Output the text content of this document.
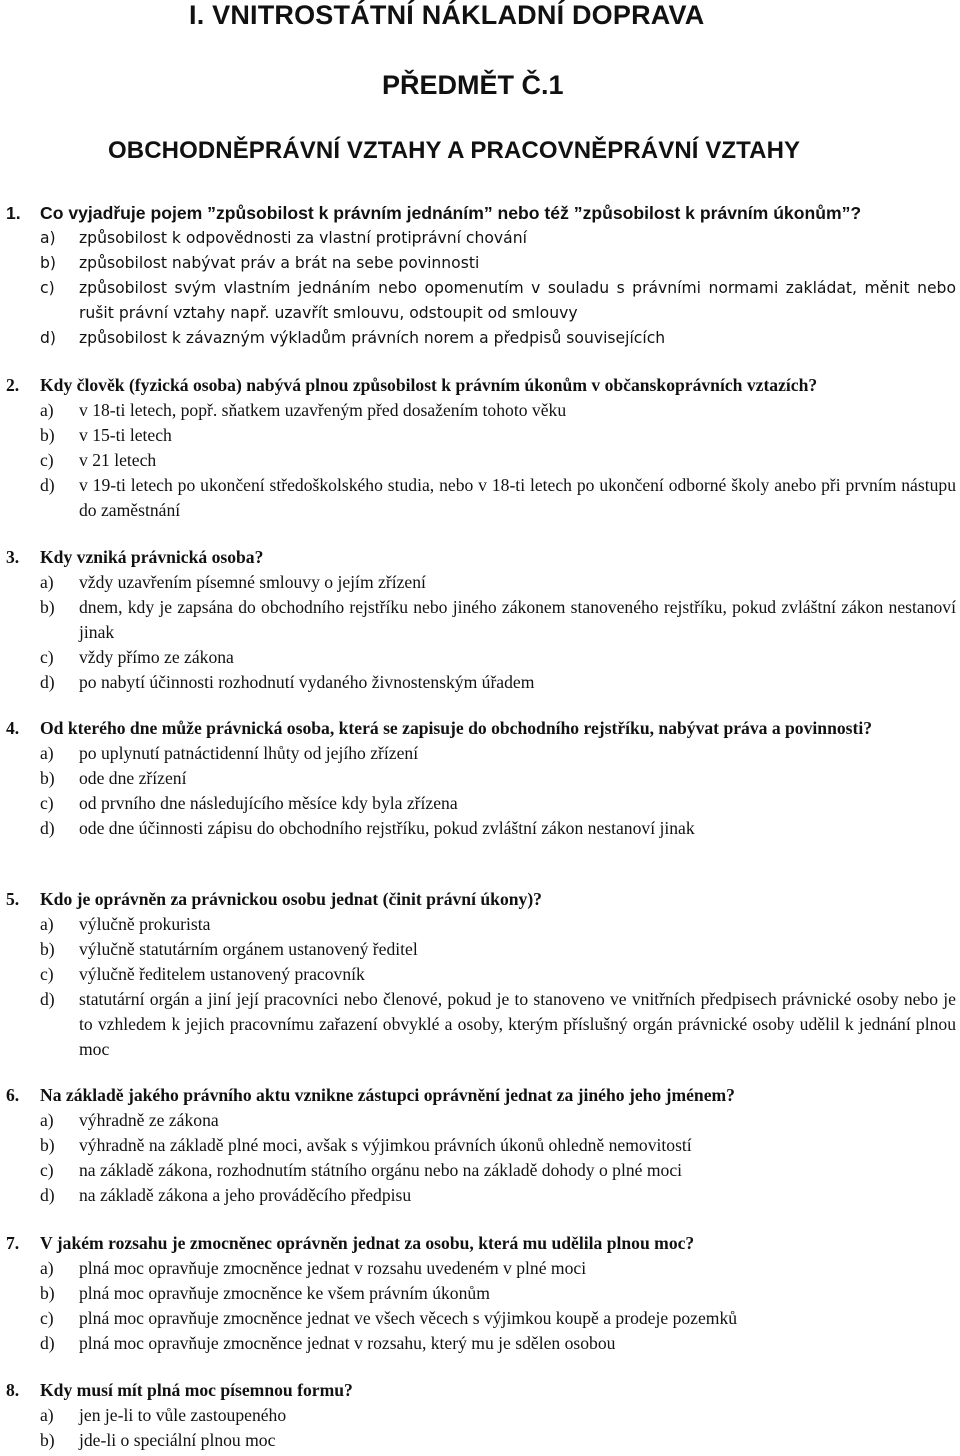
I. VNITROSTÁTNÍ NÁKLADNÍ DOPRAVA
PŘEDMĚT Č.1
OBCHODNĚPRÁVNÍ VZTAHY A PRACOVNĚPRÁVNÍ VZTAHY
1. Co vyjadřuje pojem ”způsobilost k právním jednáním” nebo též ”způsobilost k právním úkonům”?
a) způsobilost k odpovědnosti za vlastní protiprávní chování
b) způsobilost nabývat práv a brát na sebe povinnosti
c) způsobilost svým vlastním jednáním nebo opomenutím v souladu s právními normami zakládat, měnit nebo rušit právní vztahy např. uzavřít smlouvu, odstoupit od smlouvy
d) způsobilost k závazným výkladům právních norem a předpisů souvisejících
2. Kdy člověk (fyzická osoba) nabývá plnou způsobilost k právním úkonům v občanskoprávních vztazích?
a) v 18-ti letech, popř. sňatkem uzavřeným před dosažením tohoto věku
b) v 15-ti letech
c) v 21 letech
d) v 19-ti letech po ukončení středoškolského studia, nebo v 18-ti letech po ukončení odborné školy anebo při prvním nástupu do zaměstnání
3. Kdy vzniká právnická osoba?
a) vždy uzavřením písemné smlouvy o jejím zřízení
b) dnem, kdy je zapsána do obchodního rejstříku nebo jiného zákonem stanoveného rejstříku, pokud zvláštní zákon nestanoví jinak
c) vždy přímo ze zákona
d) po nabytí účinnosti rozhodnutí vydaného živnostenským úřadem
4. Od kterého dne může právnická osoba, která se zapisuje do obchodního rejstříku, nabývat práva a povinnosti?
a) po uplynutí patnáctidenní lhůty od jejího zřízení
b) ode dne zřízení
c) od prvního dne následujícího měsíce kdy byla zřízena
d) ode dne účinnosti zápisu do obchodního rejstříku, pokud zvláštní zákon nestanoví jinak
5. Kdo je oprávněn za právnickou osobu jednat (činit právní úkony)?
a) výlučně prokurista
b) výlučně statutárním orgánem ustanovený ředitel
c) výlučně ředitelem ustanovený pracovník
d) statutární orgán a jiní její pracovníci nebo členové, pokud je to stanoveno ve vnitřních předpisech právnické osoby nebo je to vzhledem k jejich pracovnímu zařazení obvyklé a osoby, kterým příslušný orgán právnické osoby udělil k jednání plnou moc
6. Na základě jakého právního aktu vznikne zástupci oprávnění jednat za jiného jeho jménem?
a) výhradně ze zákona
b) výhradně na základě plné moci, avšak s výjimkou právních úkonů ohledně nemovitostí
c) na základě zákona, rozhodnutím státního orgánu nebo na základě dohody o plné moci
d) na základě zákona a jeho prováděcího předpisu
7. V jakém rozsahu je zmocněnec oprávněn jednat za osobu, která mu udělila plnou moc?
a) plná moc opravňuje zmocněnce jednat v rozsahu uvedeném v plné moci
b) plná moc opravňuje zmocněnce ke všem právním úkonům
c) plná moc opravňuje zmocněnce jednat ve všech věcech s výjimkou koupě a prodeje pozemků
d) plná moc opravňuje zmocněnce jednat v rozsahu, který mu je sdělen osobou
8. Kdy musí mít plná moc písemnou formu?
a) jen je-li to vůle zastoupeného
b) jde-li o speciální plnou moc
